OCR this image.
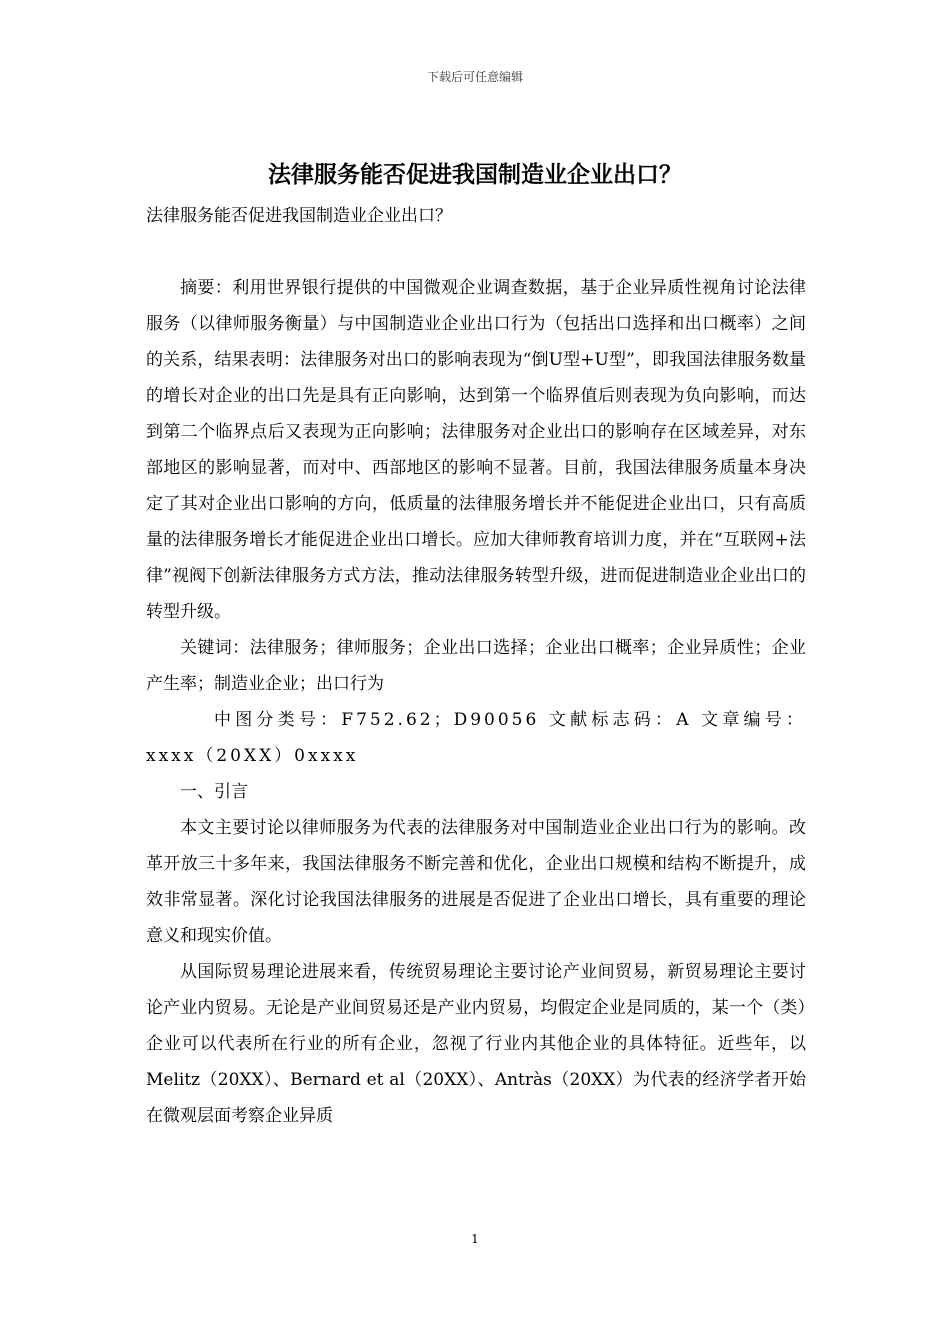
下载后可任意编辑
法律服务能否促进我国制造业企业出口？

法律服务能否促进我国制造业企业出口？

摘要：利用世界银行提供的中国微观企业调查数据，基于企业异质性视角讨论法律服务（以律师服务衡量）与中国制造业企业出口行为（包括出口选择和出口概率）之间的关系，结果表明：法律服务对出口的影响表现为“倒U型+U型”，即我国法律服务数量的增长对企业的出口先是具有正向影响，达到第一个临界值后则表现为负向影响，而达到第二个临界点后又表现为正向影响；法律服务对企业出口的影响存在区域差异，对东部地区的影响显著，而对中、西部地区的影响不显著。目前，我国法律服务质量本身决定了其对企业出口影响的方向，低质量的法律服务增长并不能促进企业出口，只有高质量的法律服务增长才能促进企业出口增长。应加大律师教育培训力度，并在“互联网+法律”视阀下创新法律服务方式方法，推动法律服务转型升级，进而促进制造业企业出口的转型升级。

关键词：法律服务；律师服务；企业出口选择；企业出口概率；企业异质性；企业产生率；制造业企业；出口行为

中图分类号：F752.62；D90056 文献标志码：A 文章编号：xxxx（20XX）0xxxx

一、引言

本文主要讨论以律师服务为代表的法律服务对中国制造业企业出口行为的影响。改革开放三十多年来，我国法律服务不断完善和优化，企业出口规模和结构不断提升，成效非常显著。深化讨论我国法律服务的进展是否促进了企业出口增长，具有重要的理论意义和现实价值。

从国际贸易理论进展来看，传统贸易理论主要讨论产业间贸易，新贸易理论主要讨论产业内贸易。无论是产业间贸易还是产业内贸易，均假定企业是同质的，某一个（类）企业可以代表所在行业的所有企业，忽视了行业内其他企业的具体特征。近些年，以Melitz（20XX）、Bernard et al（20XX）、Antràs（20XX）为代表的经济学者开始在微观层面考察企业异质

1
